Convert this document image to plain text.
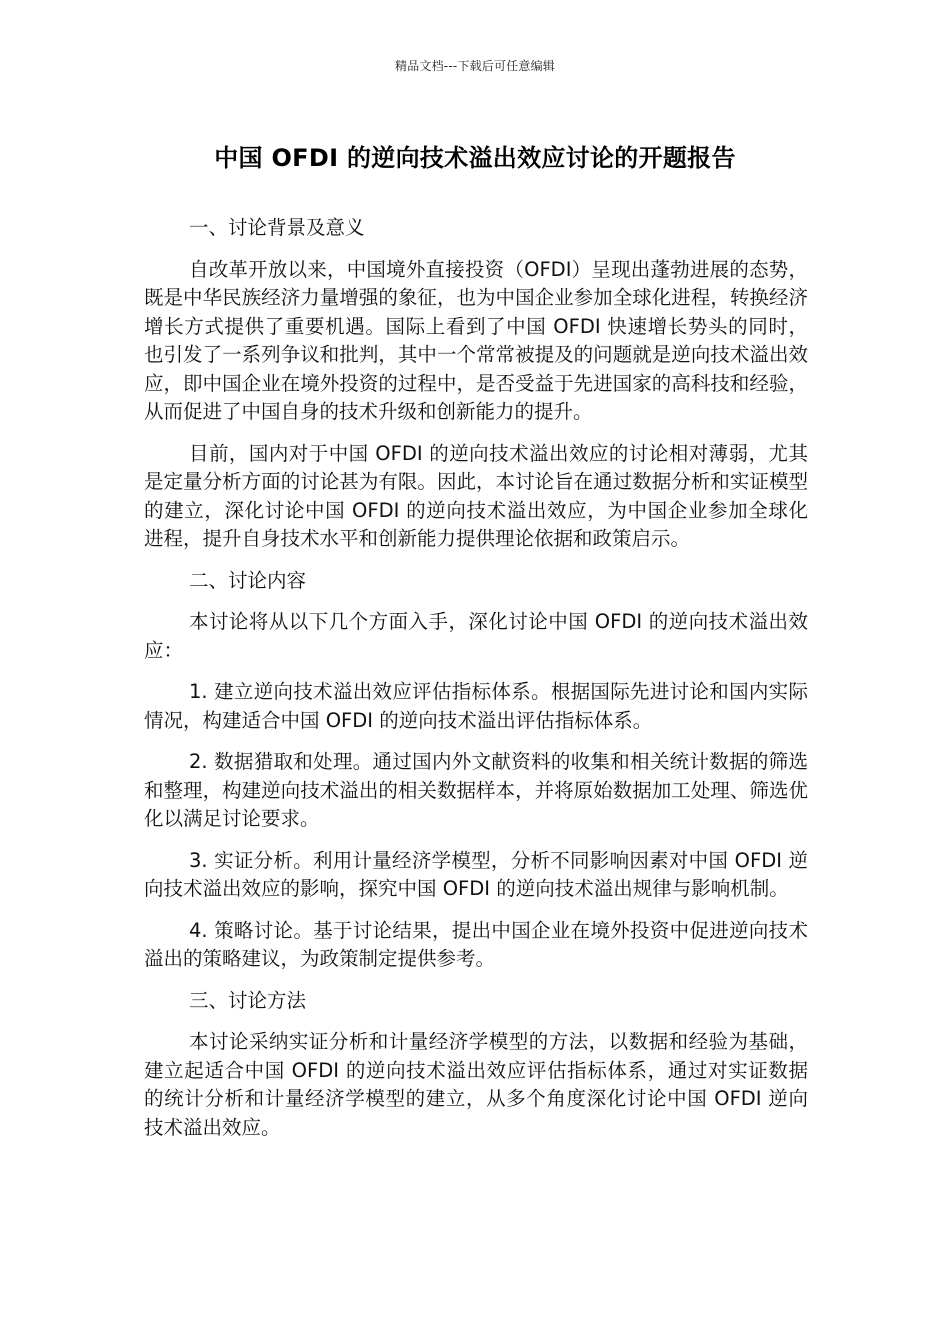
精品文档---下载后可任意编辑
中国 OFDI 的逆向技术溢出效应讨论的开题报告

一、讨论背景及意义

自改革开放以来，中国境外直接投资（OFDI）呈现出蓬勃进展的态势，既是中华民族经济力量增强的象征，也为中国企业参加全球化进程，转换经济增长方式提供了重要机遇。国际上看到了中国 OFDI 快速增长势头的同时，也引发了一系列争议和批判，其中一个常常被提及的问题就是逆向技术溢出效应，即中国企业在境外投资的过程中，是否受益于先进国家的高科技和经验，从而促进了中国自身的技术升级和创新能力的提升。

目前，国内对于中国 OFDI 的逆向技术溢出效应的讨论相对薄弱，尤其是定量分析方面的讨论甚为有限。因此，本讨论旨在通过数据分析和实证模型的建立，深化讨论中国 OFDI 的逆向技术溢出效应，为中国企业参加全球化进程，提升自身技术水平和创新能力提供理论依据和政策启示。

二、讨论内容

本讨论将从以下几个方面入手，深化讨论中国 OFDI 的逆向技术溢出效应：

1. 建立逆向技术溢出效应评估指标体系。根据国际先进讨论和国内实际情况，构建适合中国 OFDI 的逆向技术溢出评估指标体系。

2. 数据猎取和处理。通过国内外文献资料的收集和相关统计数据的筛选和整理，构建逆向技术溢出的相关数据样本，并将原始数据加工处理、筛选优化以满足讨论要求。

3. 实证分析。利用计量经济学模型，分析不同影响因素对中国 OFDI 逆向技术溢出效应的影响，探究中国 OFDI 的逆向技术溢出规律与影响机制。

4. 策略讨论。基于讨论结果，提出中国企业在境外投资中促进逆向技术溢出的策略建议，为政策制定提供参考。

三、讨论方法

本讨论采纳实证分析和计量经济学模型的方法，以数据和经验为基础，建立起适合中国 OFDI 的逆向技术溢出效应评估指标体系，通过对实证数据的统计分析和计量经济学模型的建立，从多个角度深化讨论中国 OFDI 逆向技术溢出效应。
